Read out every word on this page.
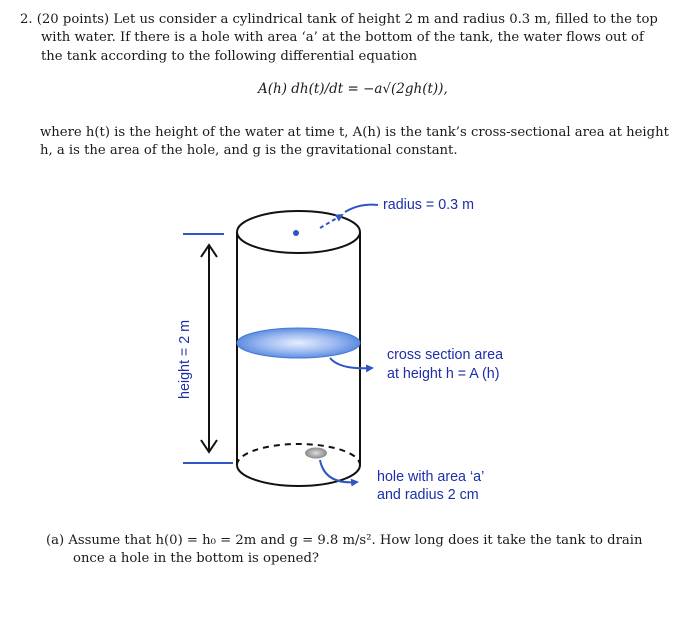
2. (20 points) Let us consider a cylindrical tank of height 2 m and radius 0.3 m, filled to the top
with water. If there is a hole with area ‘a’ at the bottom of the tank, the water flows out of
the tank according to the following differential equation
A(h) dh(t)/dt = −a√(2gh(t)),
where h(t) is the height of the water at time t, A(h) is the tank’s cross-sectional area at height
h, a is the area of the hole, and g is the gravitational constant.
height = 2 m
radius = 0.3 m
cross section area
at height h = A (h)
hole with area ‘a’
and radius 2 cm
(a) Assume that h(0) = h₀ = 2m and g = 9.8 m/s². How long does it take the tank to drain
once a hole in the bottom is opened?
